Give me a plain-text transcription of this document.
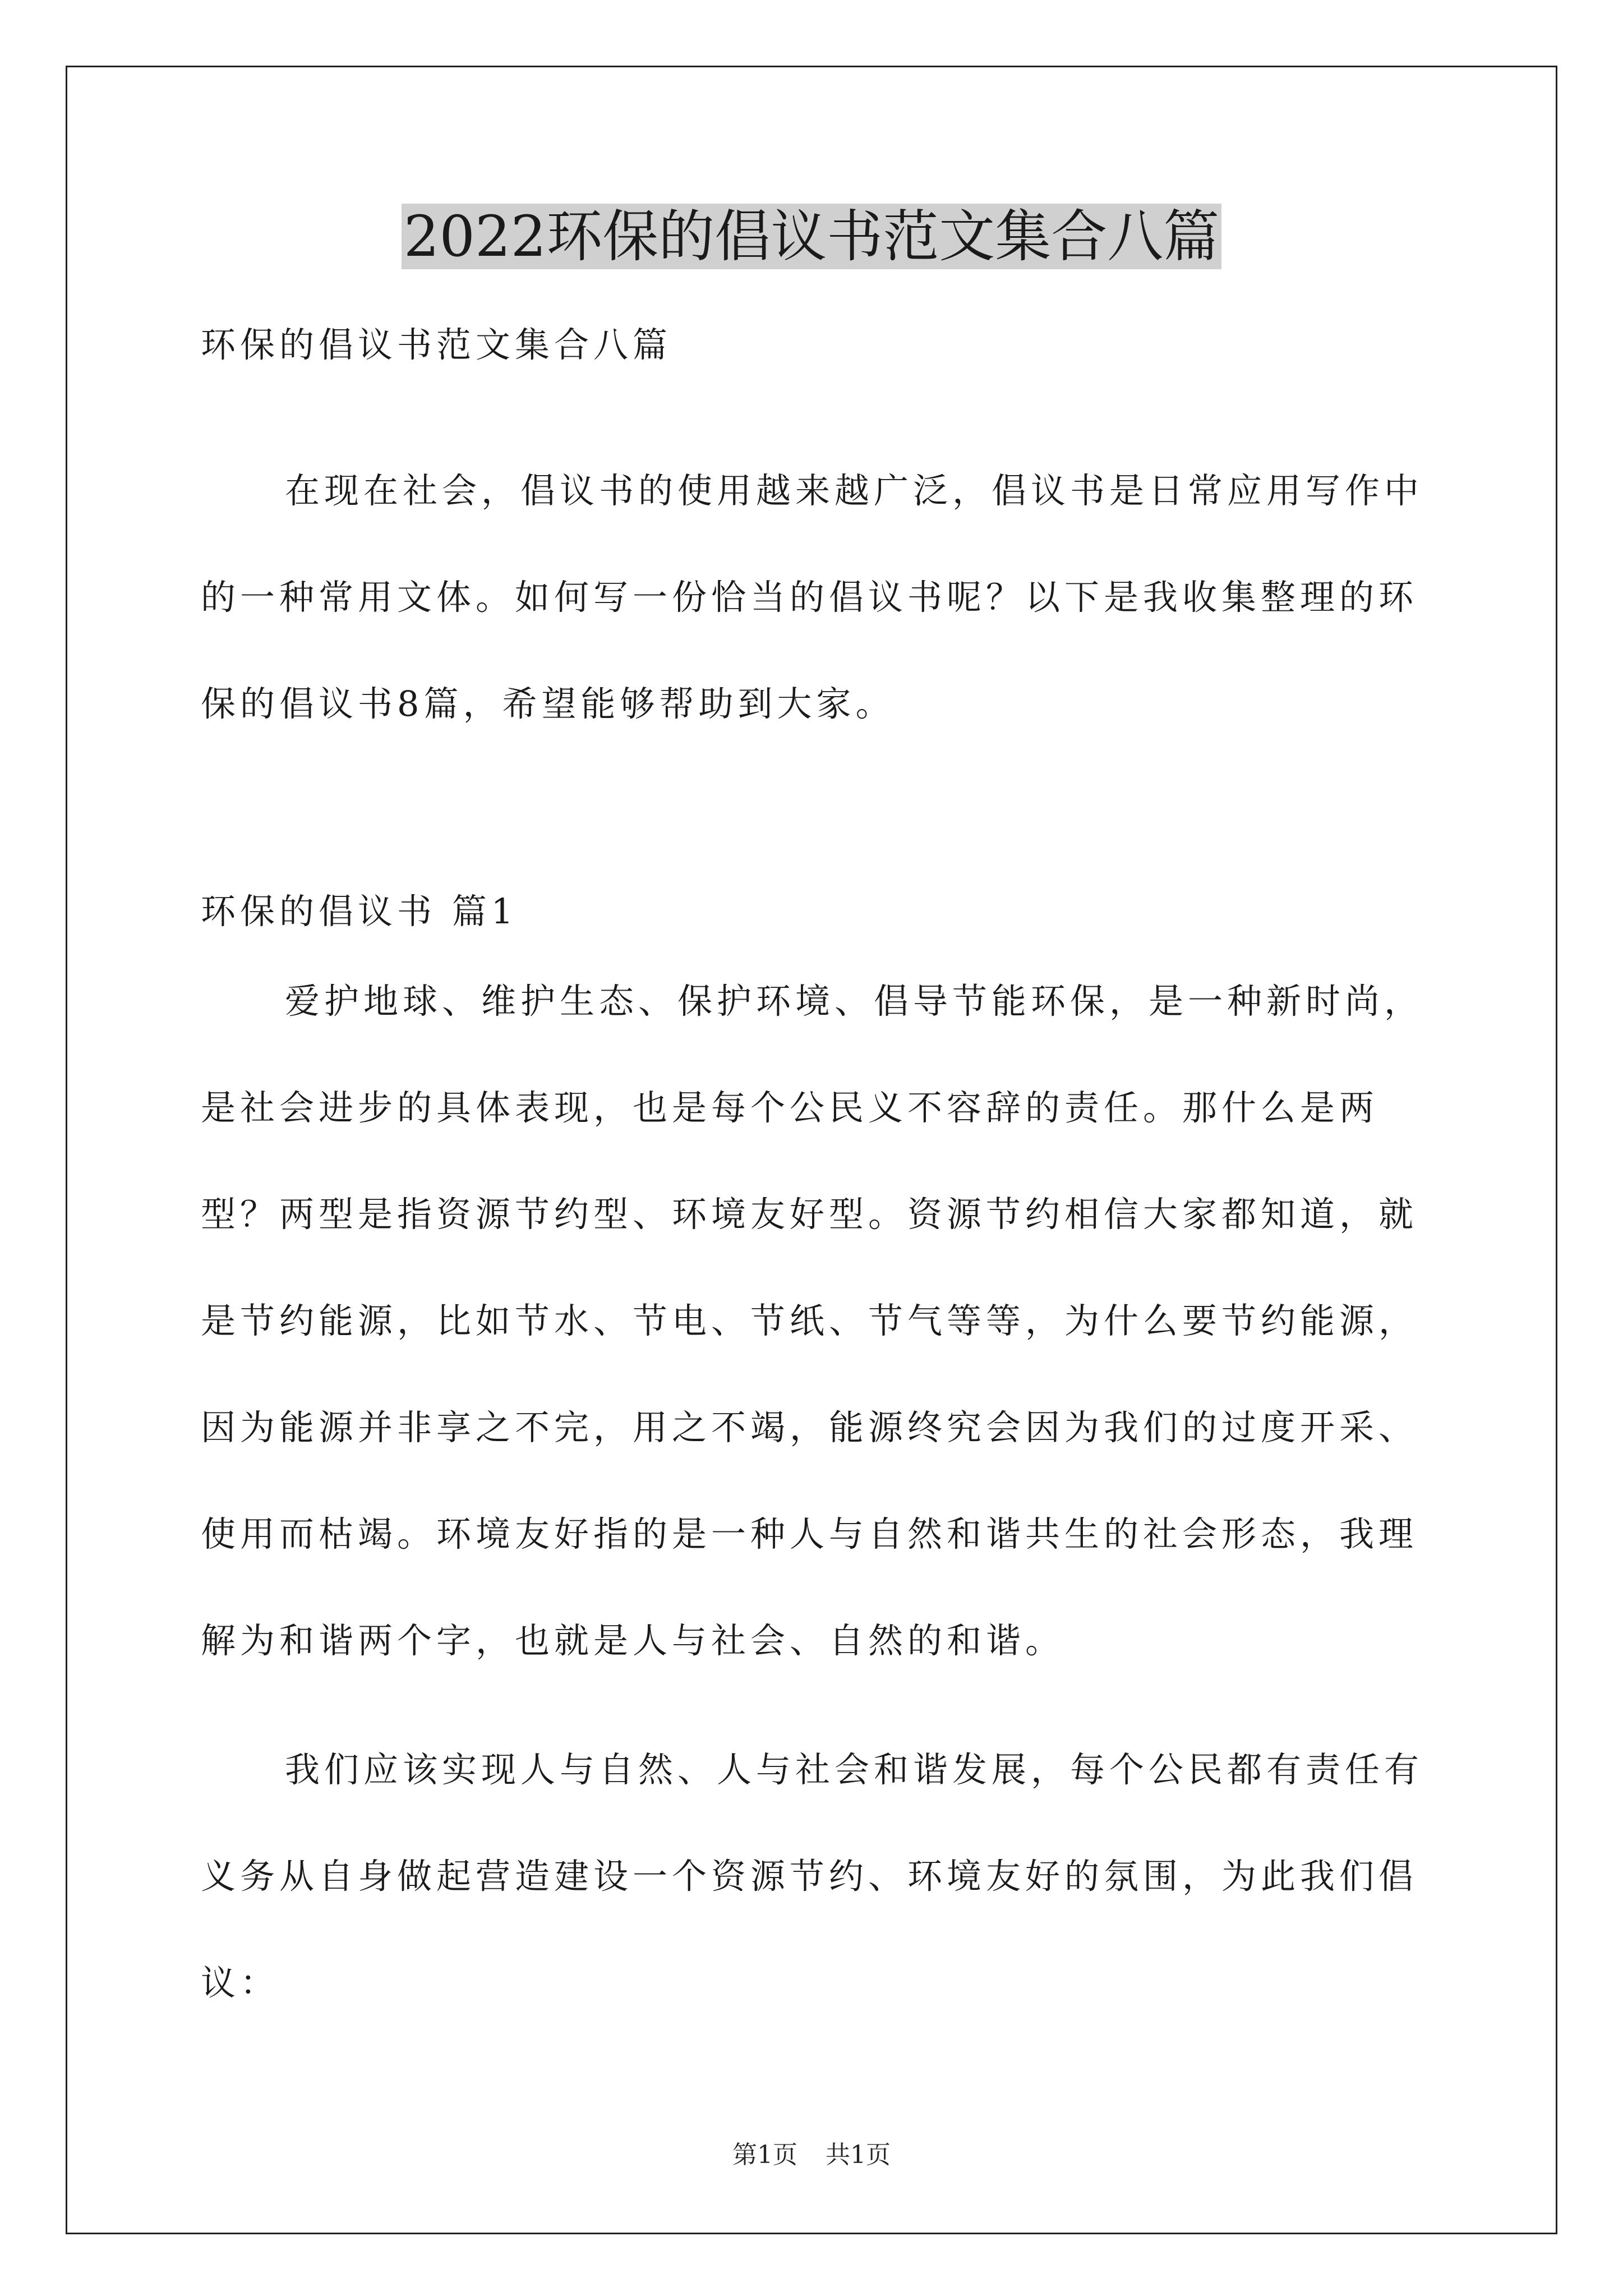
2022环保的倡议书范文集合八篇

环保的倡议书范文集合八篇

在现在社会，倡议书的使用越来越广泛，倡议书是日常应用写作中的一种常用文体。如何写一份恰当的倡议书呢？以下是我收集整理的环保的倡议书8篇，希望能够帮助到大家。

环保的倡议书 篇1

爱护地球、维护生态、保护环境、倡导节能环保，是一种新时尚，是社会进步的具体表现，也是每个公民义不容辞的责任。那什么是两型？两型是指资源节约型、环境友好型。资源节约相信大家都知道，就是节约能源，比如节水、节电、节纸、节气等等，为什么要节约能源，因为能源并非享之不完，用之不竭，能源终究会因为我们的过度开采、使用而枯竭。环境友好指的是一种人与自然和谐共生的社会形态，我理解为和谐两个字，也就是人与社会、自然的和谐。

我们应该实现人与自然、人与社会和谐发展，每个公民都有责任有义务从自身做起营造建设一个资源节约、环境友好的氛围，为此我们倡议：

第1页 共1页
